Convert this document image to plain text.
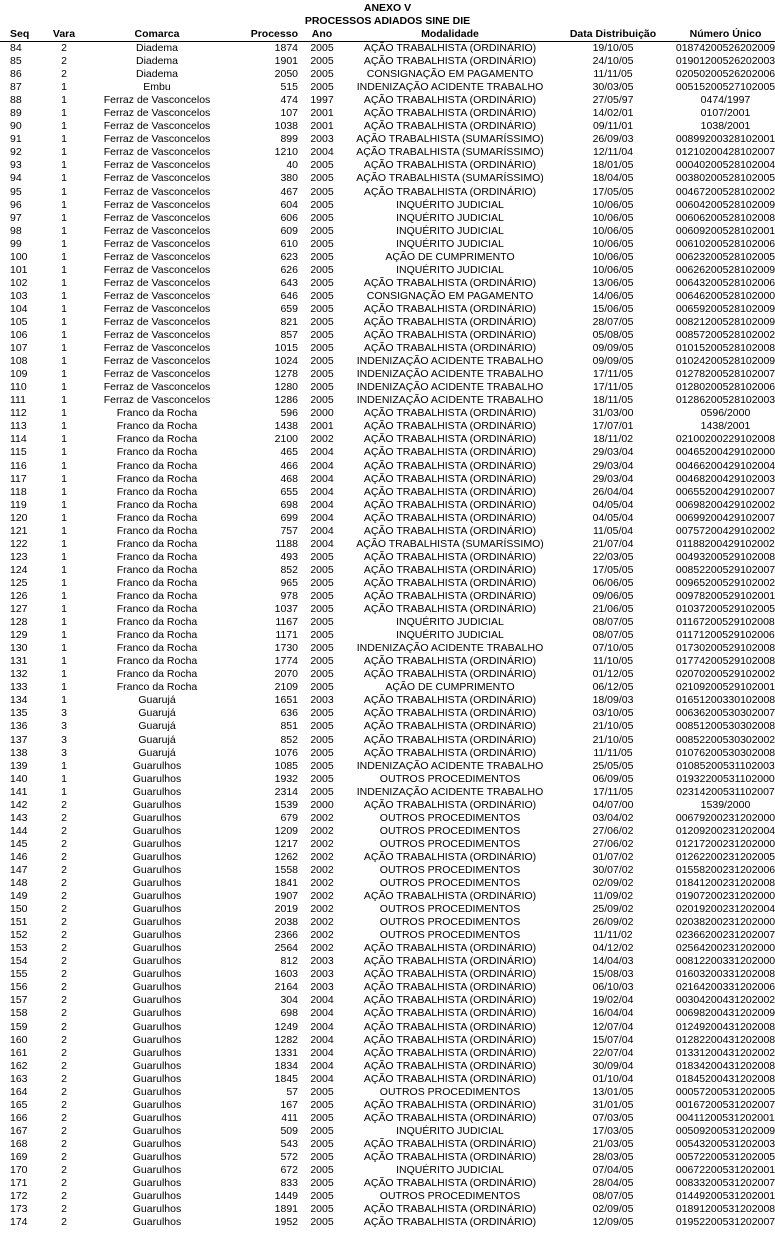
ANEXO V
PROCESSOS ADIADOS SINE DIE
Seq	Vara	Comarca	Processo	Ano	Modalidade	Data Distribuição	Número Único
84	2	Diadema	1874	2005	AÇÃO TRABALHISTA (ORDINÁRIO)	19/10/05	01874200526202009
85	2	Diadema	1901	2005	AÇÃO TRABALHISTA (ORDINÁRIO)	24/10/05	01901200526202003
86	2	Diadema	2050	2005	CONSIGNAÇÃO EM PAGAMENTO	11/11/05	02050200526202006
87	1	Embu	515	2005	INDENIZAÇÃO ACIDENTE TRABALHO	30/03/05	00515200527102005
88	1	Ferraz de Vasconcelos	474	1997	AÇÃO TRABALHISTA (ORDINÁRIO)	27/05/97	0474/1997
89	1	Ferraz de Vasconcelos	107	2001	AÇÃO TRABALHISTA (ORDINÁRIO)	14/02/01	0107/2001
90	1	Ferraz de Vasconcelos	1038	2001	AÇÃO TRABALHISTA (ORDINÁRIO)	09/11/01	1038/2001
91	1	Ferraz de Vasconcelos	899	2003	AÇÃO TRABALHISTA (SUMARÍSSIMO)	26/09/03	00899200328102001
92	1	Ferraz de Vasconcelos	1210	2004	AÇÃO TRABALHISTA (SUMARÍSSIMO)	12/11/04	01210200428102007
93	1	Ferraz de Vasconcelos	40	2005	AÇÃO TRABALHISTA (ORDINÁRIO)	18/01/05	00040200528102004
94	1	Ferraz de Vasconcelos	380	2005	AÇÃO TRABALHISTA (SUMARÍSSIMO)	18/04/05	00380200528102005
95	1	Ferraz de Vasconcelos	467	2005	AÇÃO TRABALHISTA (ORDINÁRIO)	17/05/05	00467200528102002
96	1	Ferraz de Vasconcelos	604	2005	INQUÉRITO JUDICIAL	10/06/05	00604200528102009
97	1	Ferraz de Vasconcelos	606	2005	INQUÉRITO JUDICIAL	10/06/05	00606200528102008
98	1	Ferraz de Vasconcelos	609	2005	INQUÉRITO JUDICIAL	10/06/05	00609200528102001
99	1	Ferraz de Vasconcelos	610	2005	INQUÉRITO JUDICIAL	10/06/05	00610200528102006
100	1	Ferraz de Vasconcelos	623	2005	AÇÃO DE CUMPRIMENTO	10/06/05	00623200528102005
101	1	Ferraz de Vasconcelos	626	2005	INQUÉRITO JUDICIAL	10/06/05	00626200528102009
102	1	Ferraz de Vasconcelos	643	2005	AÇÃO TRABALHISTA (ORDINÁRIO)	13/06/05	00643200528102006
103	1	Ferraz de Vasconcelos	646	2005	CONSIGNAÇÃO EM PAGAMENTO	14/06/05	00646200528102000
104	1	Ferraz de Vasconcelos	659	2005	AÇÃO TRABALHISTA (ORDINÁRIO)	15/06/05	00659200528102009
105	1	Ferraz de Vasconcelos	821	2005	AÇÃO TRABALHISTA (ORDINÁRIO)	28/07/05	00821200528102009
106	1	Ferraz de Vasconcelos	857	2005	AÇÃO TRABALHISTA (ORDINÁRIO)	05/08/05	00857200528102002
107	1	Ferraz de Vasconcelos	1015	2005	AÇÃO TRABALHISTA (ORDINÁRIO)	09/09/05	01015200528102008
108	1	Ferraz de Vasconcelos	1024	2005	INDENIZAÇÃO ACIDENTE TRABALHO	09/09/05	01024200528102009
109	1	Ferraz de Vasconcelos	1278	2005	INDENIZAÇÃO ACIDENTE TRABALHO	17/11/05	01278200528102007
110	1	Ferraz de Vasconcelos	1280	2005	INDENIZAÇÃO ACIDENTE TRABALHO	17/11/05	01280200528102006
111	1	Ferraz de Vasconcelos	1286	2005	INDENIZAÇÃO ACIDENTE TRABALHO	18/11/05	01286200528102003
112	1	Franco da Rocha	596	2000	AÇÃO TRABALHISTA (ORDINÁRIO)	31/03/00	0596/2000
113	1	Franco da Rocha	1438	2001	AÇÃO TRABALHISTA (ORDINÁRIO)	17/07/01	1438/2001
114	1	Franco da Rocha	2100	2002	AÇÃO TRABALHISTA (ORDINÁRIO)	18/11/02	02100200229102008
115	1	Franco da Rocha	465	2004	AÇÃO TRABALHISTA (ORDINÁRIO)	29/03/04	00465200429102000
116	1	Franco da Rocha	466	2004	AÇÃO TRABALHISTA (ORDINÁRIO)	29/03/04	00466200429102004
117	1	Franco da Rocha	468	2004	AÇÃO TRABALHISTA (ORDINÁRIO)	29/03/04	00468200429102003
118	1	Franco da Rocha	655	2004	AÇÃO TRABALHISTA (ORDINÁRIO)	26/04/04	00655200429102007
119	1	Franco da Rocha	698	2004	AÇÃO TRABALHISTA (ORDINÁRIO)	04/05/04	00698200429102002
120	1	Franco da Rocha	699	2004	AÇÃO TRABALHISTA (ORDINÁRIO)	04/05/04	00699200429102007
121	1	Franco da Rocha	757	2004	AÇÃO TRABALHISTA (ORDINÁRIO)	11/05/04	00757200429102002
122	1	Franco da Rocha	1188	2004	AÇÃO TRABALHISTA (SUMARÍSSIMO)	21/07/04	01188200429102002
123	1	Franco da Rocha	493	2005	AÇÃO TRABALHISTA (ORDINÁRIO)	22/03/05	00493200529102008
124	1	Franco da Rocha	852	2005	AÇÃO TRABALHISTA (ORDINÁRIO)	17/05/05	00852200529102007
125	1	Franco da Rocha	965	2005	AÇÃO TRABALHISTA (ORDINÁRIO)	06/06/05	00965200529102002
126	1	Franco da Rocha	978	2005	AÇÃO TRABALHISTA (ORDINÁRIO)	09/06/05	00978200529102001
127	1	Franco da Rocha	1037	2005	AÇÃO TRABALHISTA (ORDINÁRIO)	21/06/05	01037200529102005
128	1	Franco da Rocha	1167	2005	INQUÉRITO JUDICIAL	08/07/05	01167200529102008
129	1	Franco da Rocha	1171	2005	INQUÉRITO JUDICIAL	08/07/05	01171200529102006
130	1	Franco da Rocha	1730	2005	INDENIZAÇÃO ACIDENTE TRABALHO	07/10/05	01730200529102008
131	1	Franco da Rocha	1774	2005	AÇÃO TRABALHISTA (ORDINÁRIO)	11/10/05	01774200529102008
132	1	Franco da Rocha	2070	2005	AÇÃO TRABALHISTA (ORDINÁRIO)	01/12/05	02070200529102002
133	1	Franco da Rocha	2109	2005	AÇÃO DE CUMPRIMENTO	06/12/05	02109200529102001
134	1	Guarujá	1651	2003	AÇÃO TRABALHISTA (ORDINÁRIO)	18/09/03	01651200330102008
135	3	Guarujá	636	2005	AÇÃO TRABALHISTA (ORDINÁRIO)	03/10/05	00636200530302007
136	3	Guarujá	851	2005	AÇÃO TRABALHISTA (ORDINÁRIO)	21/10/05	00851200530302008
137	3	Guarujá	852	2005	AÇÃO TRABALHISTA (ORDINÁRIO)	21/10/05	00852200530302002
138	3	Guarujá	1076	2005	AÇÃO TRABALHISTA (ORDINÁRIO)	11/11/05	01076200530302008
139	1	Guarulhos	1085	2005	INDENIZAÇÃO ACIDENTE TRABALHO	25/05/05	01085200531102003
140	1	Guarulhos	1932	2005	OUTROS PROCEDIMENTOS	06/09/05	01932200531102000
141	1	Guarulhos	2314	2005	INDENIZAÇÃO ACIDENTE TRABALHO	17/11/05	02314200531102007
142	2	Guarulhos	1539	2000	AÇÃO TRABALHISTA (ORDINÁRIO)	04/07/00	1539/2000
143	2	Guarulhos	679	2002	OUTROS PROCEDIMENTOS	03/04/02	00679200231202000
144	2	Guarulhos	1209	2002	OUTROS PROCEDIMENTOS	27/06/02	01209200231202004
145	2	Guarulhos	1217	2002	OUTROS PROCEDIMENTOS	27/06/02	01217200231202000
146	2	Guarulhos	1262	2002	AÇÃO TRABALHISTA (ORDINÁRIO)	01/07/02	01262200231202005
147	2	Guarulhos	1558	2002	OUTROS PROCEDIMENTOS	30/07/02	01558200231202006
148	2	Guarulhos	1841	2002	OUTROS PROCEDIMENTOS	02/09/02	01841200231202008
149	2	Guarulhos	1907	2002	AÇÃO TRABALHISTA (ORDINÁRIO)	11/09/02	01907200231202000
150	2	Guarulhos	2019	2002	OUTROS PROCEDIMENTOS	25/09/02	02019200231202004
151	2	Guarulhos	2038	2002	OUTROS PROCEDIMENTOS	26/09/02	02038200231202000
152	2	Guarulhos	2366	2002	OUTROS PROCEDIMENTOS	11/11/02	02366200231202007
153	2	Guarulhos	2564	2002	AÇÃO TRABALHISTA (ORDINÁRIO)	04/12/02	02564200231202000
154	2	Guarulhos	812	2003	AÇÃO TRABALHISTA (ORDINÁRIO)	14/04/03	00812200331202000
155	2	Guarulhos	1603	2003	AÇÃO TRABALHISTA (ORDINÁRIO)	15/08/03	01603200331202008
156	2	Guarulhos	2164	2003	AÇÃO TRABALHISTA (ORDINÁRIO)	06/10/03	02164200331202006
157	2	Guarulhos	304	2004	AÇÃO TRABALHISTA (ORDINÁRIO)	19/02/04	00304200431202002
158	2	Guarulhos	698	2004	AÇÃO TRABALHISTA (ORDINÁRIO)	16/04/04	00698200431202009
159	2	Guarulhos	1249	2004	AÇÃO TRABALHISTA (ORDINÁRIO)	12/07/04	01249200431202008
160	2	Guarulhos	1282	2004	AÇÃO TRABALHISTA (ORDINÁRIO)	15/07/04	01282200431202008
161	2	Guarulhos	1331	2004	AÇÃO TRABALHISTA (ORDINÁRIO)	22/07/04	01331200431202002
162	2	Guarulhos	1834	2004	AÇÃO TRABALHISTA (ORDINÁRIO)	30/09/04	01834200431202008
163	2	Guarulhos	1845	2004	AÇÃO TRABALHISTA (ORDINÁRIO)	01/10/04	01845200431202008
164	2	Guarulhos	57	2005	OUTROS PROCEDIMENTOS	13/01/05	00057200531202005
165	2	Guarulhos	167	2005	AÇÃO TRABALHISTA (ORDINÁRIO)	31/01/05	00167200531202007
166	2	Guarulhos	411	2005	AÇÃO TRABALHISTA (ORDINÁRIO)	07/03/05	00411200531202001
167	2	Guarulhos	509	2005	INQUÉRITO JUDICIAL	17/03/05	00509200531202009
168	2	Guarulhos	543	2005	AÇÃO TRABALHISTA (ORDINÁRIO)	21/03/05	00543200531202003
169	2	Guarulhos	572	2005	AÇÃO TRABALHISTA (ORDINÁRIO)	28/03/05	00572200531202005
170	2	Guarulhos	672	2005	INQUÉRITO JUDICIAL	07/04/05	00672200531202001
171	2	Guarulhos	833	2005	AÇÃO TRABALHISTA (ORDINÁRIO)	28/04/05	00833200531202007
172	2	Guarulhos	1449	2005	OUTROS PROCEDIMENTOS	08/07/05	01449200531202001
173	2	Guarulhos	1891	2005	AÇÃO TRABALHISTA (ORDINÁRIO)	02/09/05	01891200531202008
174	2	Guarulhos	1952	2005	AÇÃO TRABALHISTA (ORDINÁRIO)	12/09/05	01952200531202007
